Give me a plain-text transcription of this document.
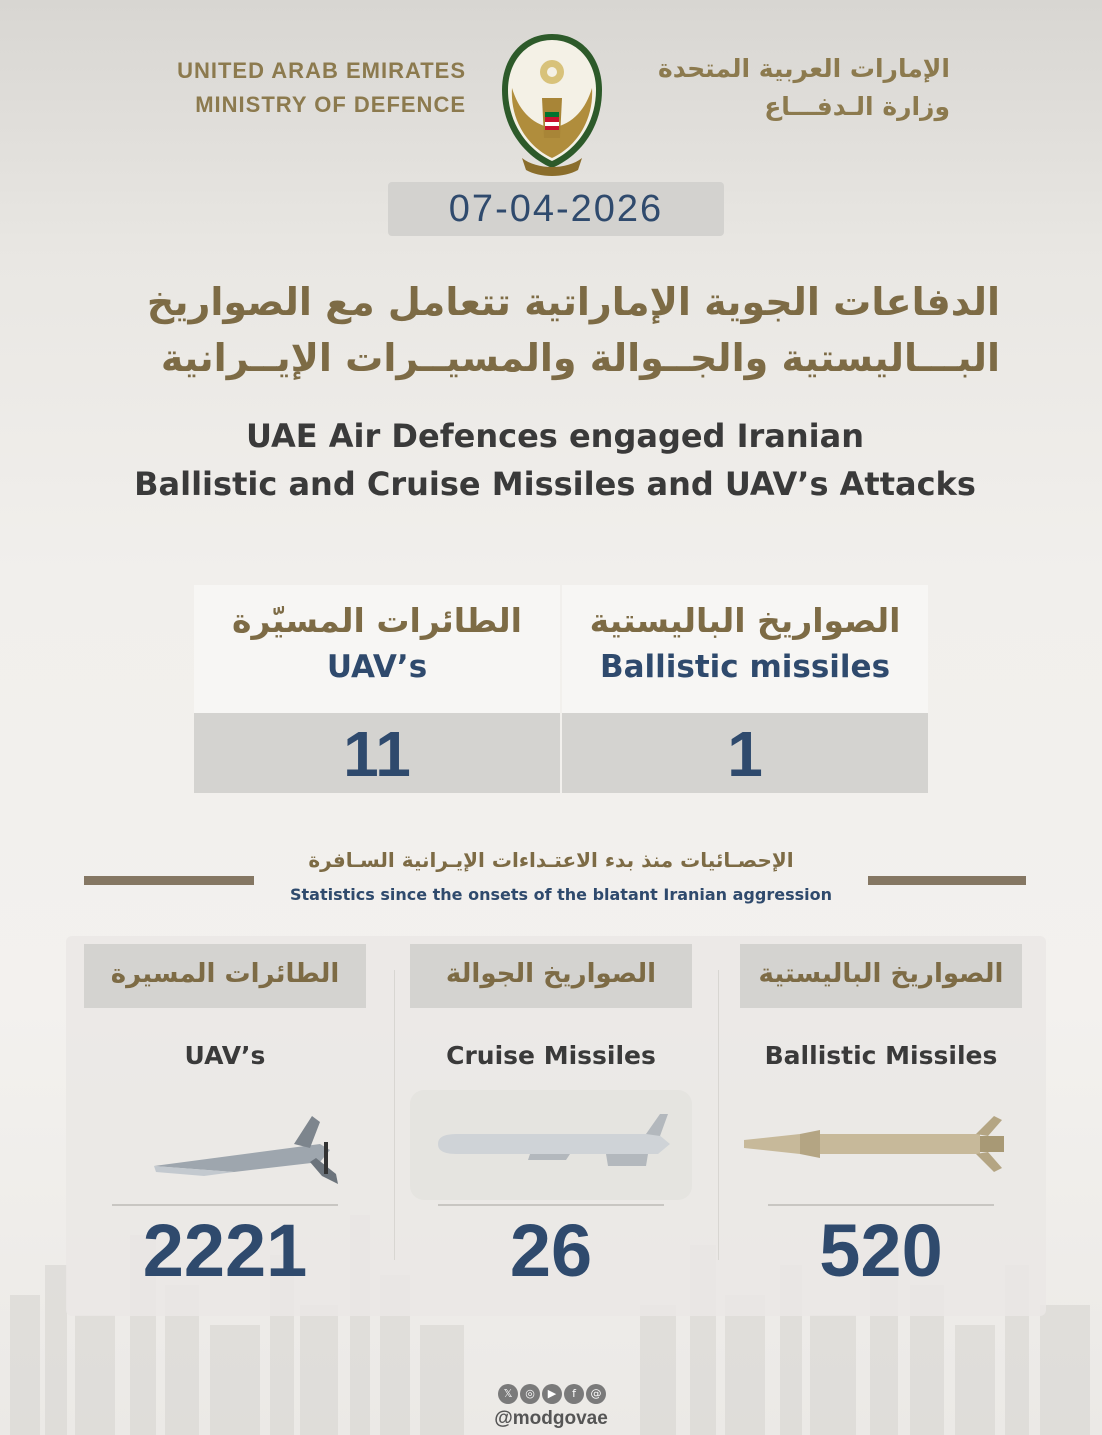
UNITED ARAB EMIRATES
MINISTRY OF DEFENCE
الإمارات العربية المتحدة
وزارة الـدفـــاع
07-04-2026
الدفاعات الجوية الإماراتية تتعامل مع الصواريخ
البـــاليستية والجــوالة والمسيــرات الإيــرانية
UAE Air Defences engaged Iranian
Ballistic and Cruise Missiles and UAV’s Attacks
الطائرات المسيّرة
UAV’s
11
الصواريخ الباليستية
Ballistic missiles
1
الإحصـائيات منذ بدء الاعتـداءات الإيـرانية السـافرة
Statistics since the onsets of the blatant Iranian aggression
الطائرات المسيرة
UAV’s
2221
الصواريخ الجوالة
Cruise Missiles
26
الصواريخ الباليستية
Ballistic Missiles
520
𝕏	◎	▶	f	@
@modgovae
